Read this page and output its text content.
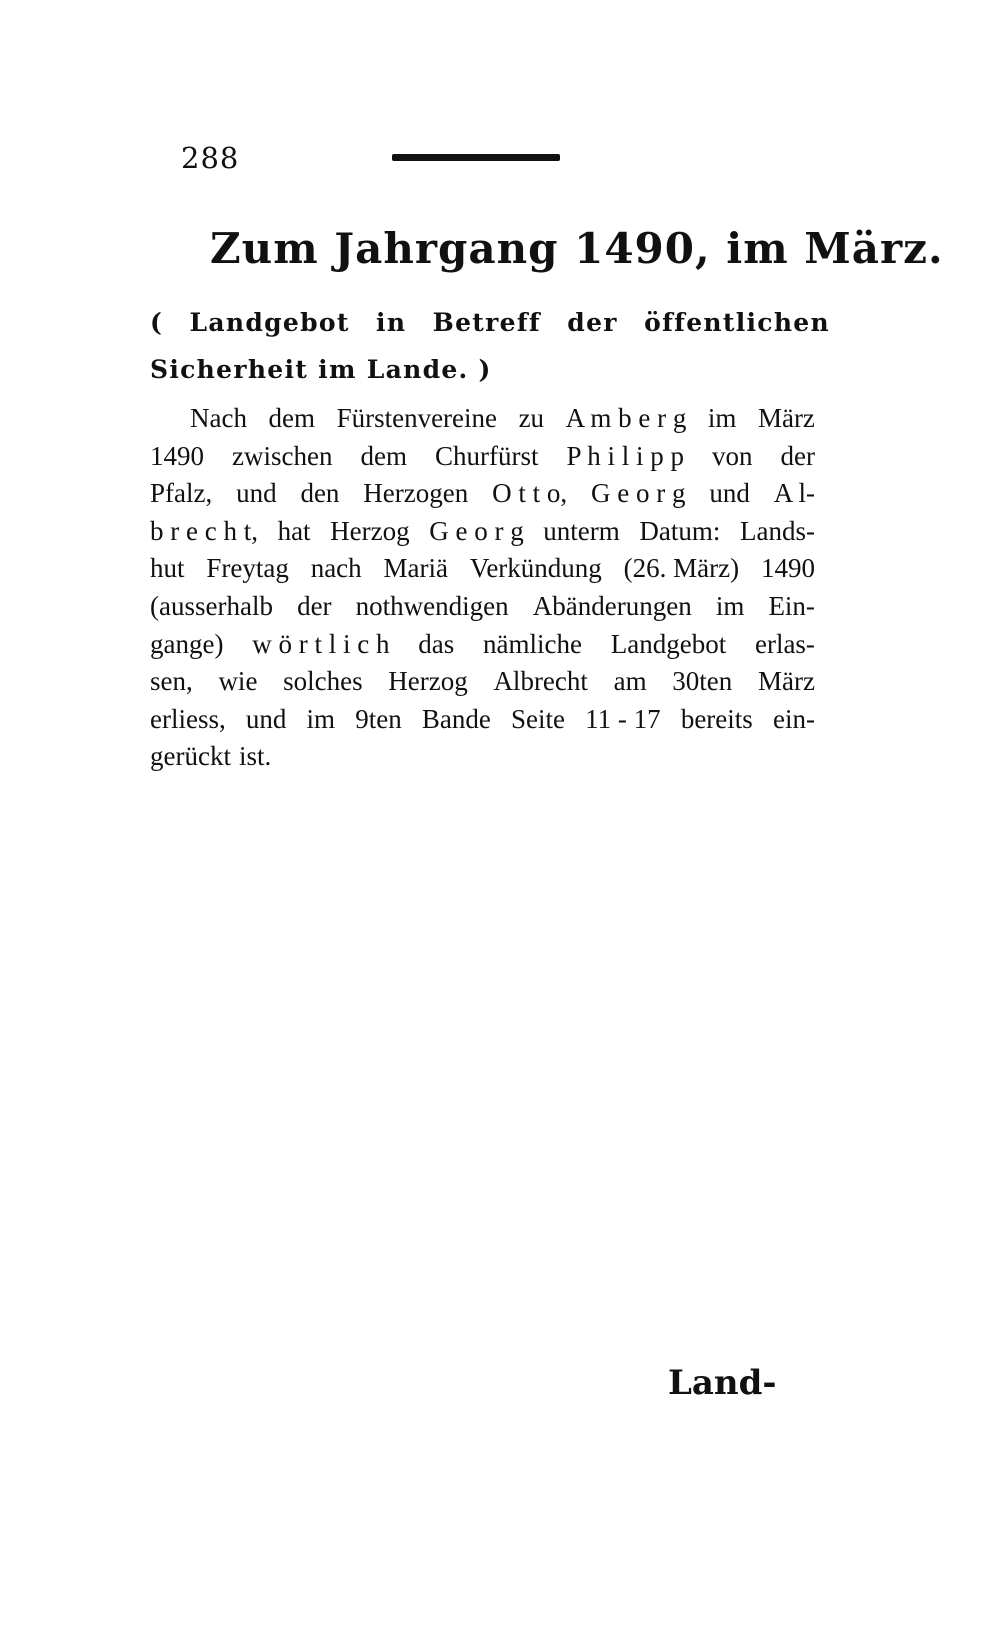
288
Zum Jahrgang 1490, im März.
( Landgebot in Betreff der öffentlichen Sicherheit im Lande. )
Nach dem Fürstenvereine zu A m b e r g im März
1490 zwischen dem Churfürst P h i l i p p von der
Pfalz, und den Herzogen O t t o, G e o r g und A l-
b r e c h t, hat Herzog G e o r g unterm Datum: Lands-
hut Freytag nach Mariä Verkündung (26. März) 1490
(ausserhalb der nothwendigen Abänderungen im Ein-
gange) w ö r t l i c h das nämliche Landgebot erlas-
sen, wie solches Herzog Albrecht am 30ten März
erliess, und im 9ten Bande Seite 11 - 17 bereits ein-
gerückt ist.
Land-
